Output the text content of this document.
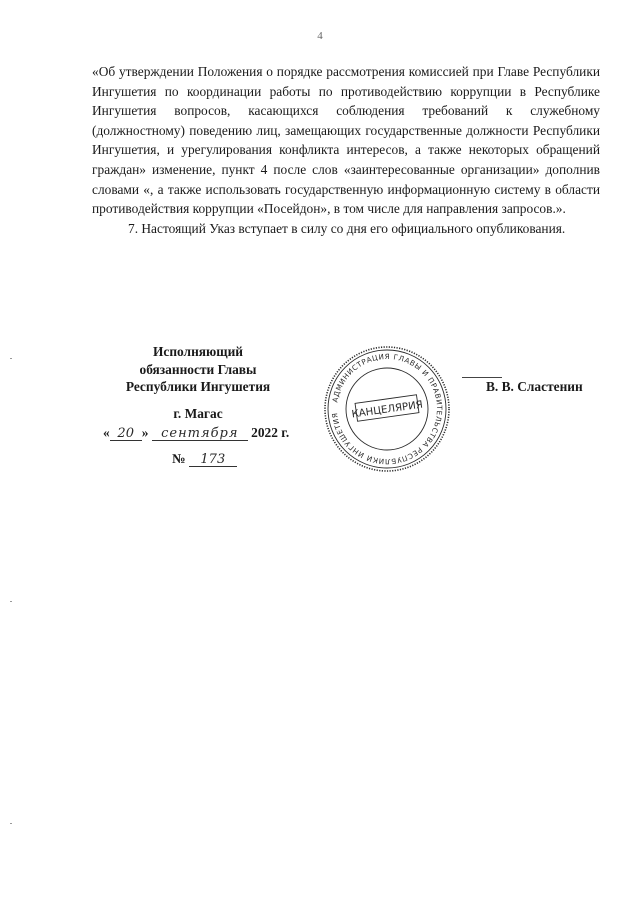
4

«Об утверждении Положения о порядке рассмотрения комиссией при Главе Республики Ингушетия по координации работы по противодействию коррупции в Республике Ингушетия вопросов, касающихся соблюдения требований к служебному (должностному) поведению лиц, замещающих государственные должности Республики Ингушетия, и урегулирования конфликта интересов, а также некоторых обращений граждан» изменение, пункт 4 после слов «заинтересованные организации» дополнив словами «, а также использовать государственную информационную систему в области противодействия коррупции «Посейдон», в том числе для направления запросов.».

7. Настоящий Указ вступает в силу со дня его официального опубликования.

Исполняющий
обязанности Главы
Республики Ингушетия
г. Магас
« 20 » сентября 2022 г.
№ 173
АДМИНИСТРАЦИЯ ГЛАВЫ И ПРАВИТЕЛЬСТВА РЕСПУБЛИКИ ИНГУШЕТИЯ	КАНЦЕЛЯРИЯ
В. В. Сластенин
